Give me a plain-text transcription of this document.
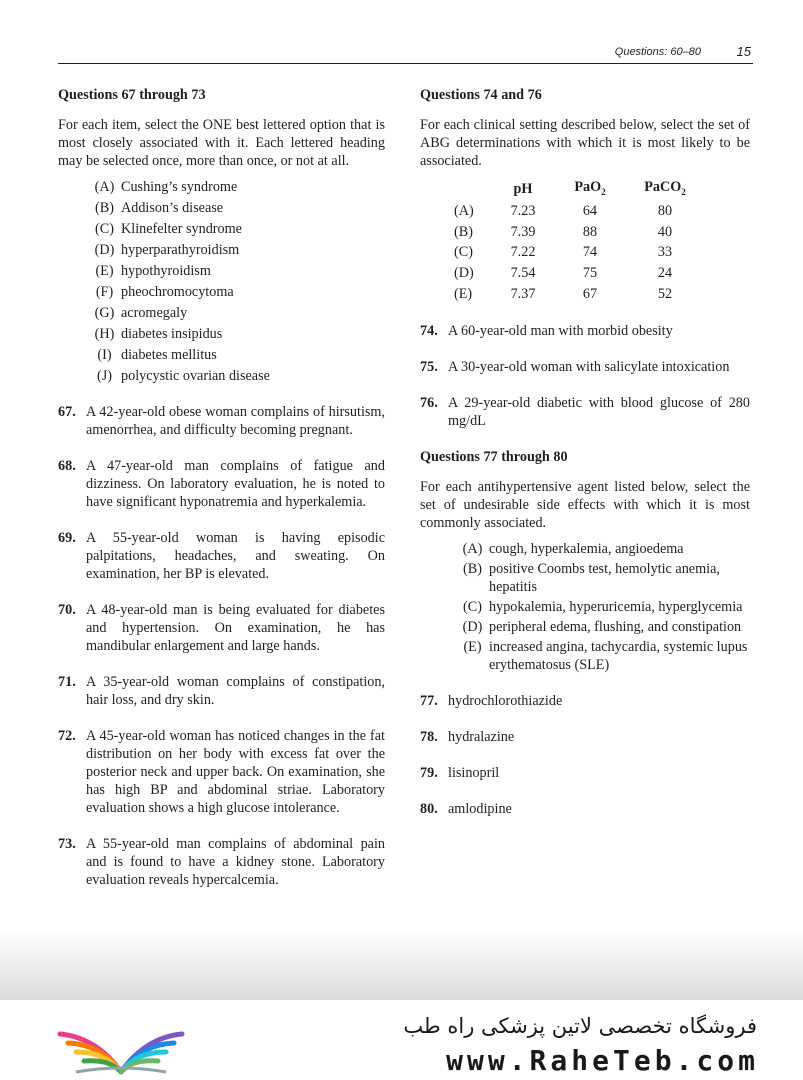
Questions: 60–80	15
Questions 67 through 73

For each item, select the ONE best lettered option that is most closely associated with it. Each lettered heading may be selected once, more than once, or not at all.

(A) Cushing’s syndrome
(B) Addison’s disease
(C) Klinefelter syndrome
(D) hyperparathyroidism
(E) hypothyroidism
(F) pheochromocytoma
(G) acromegaly
(H) diabetes insipidus
(I) diabetes mellitus
(J) polycystic ovarian disease
67. A 42-year-old obese woman complains of hirsutism, amenorrhea, and difficulty becoming pregnant.
68. A 47-year-old man complains of fatigue and dizziness. On laboratory evaluation, he is noted to have significant hyponatremia and hyperkalemia.
69. A 55-year-old woman is having episodic palpitations, headaches, and sweating. On examination, her BP is elevated.
70. A 48-year-old man is being evaluated for diabetes and hypertension. On examination, he has mandibular enlargement and large hands.
71. A 35-year-old woman complains of constipation, hair loss, and dry skin.
72. A 45-year-old woman has noticed changes in the fat distribution on her body with excess fat over the posterior neck and upper back. On examination, she has high BP and abdominal striae. Laboratory evaluation shows a high glucose intolerance.
73. A 55-year-old man complains of abdominal pain and is found to have a kidney stone. Laboratory evaluation reveals hypercalcemia.
Questions 74 and 76

For each clinical setting described below, select the set of ABG determinations with which it is most likely to be associated.

	pH	PaO$_2$	PaCO$_2$
(A)	7.23	64	80
(B)	7.39	88	40
(C)	7.22	74	33
(D)	7.54	75	24
(E)	7.37	67	52
74. A 60-year-old man with morbid obesity
75. A 30-year-old woman with salicylate intoxication
76. A 29-year-old diabetic with blood glucose of 280 mg/dL
Questions 77 through 80

For each antihypertensive agent listed below, select the set of undesirable side effects with which it is most commonly associated.

(A) cough, hyperkalemia, angioedema
(B) positive Coombs test, hemolytic anemia, hepatitis
(C) hypokalemia, hyperuricemia, hyperglycemia
(D) peripheral edema, flushing, and constipation
(E) increased angina, tachycardia, systemic lupus erythematosus (SLE)
77. hydrochlorothiazide
78. hydralazine
79. lisinopril
80. amlodipine
فروشگاه تخصصی لاتین پزشکی راه طب
www.RaheTeb.com
